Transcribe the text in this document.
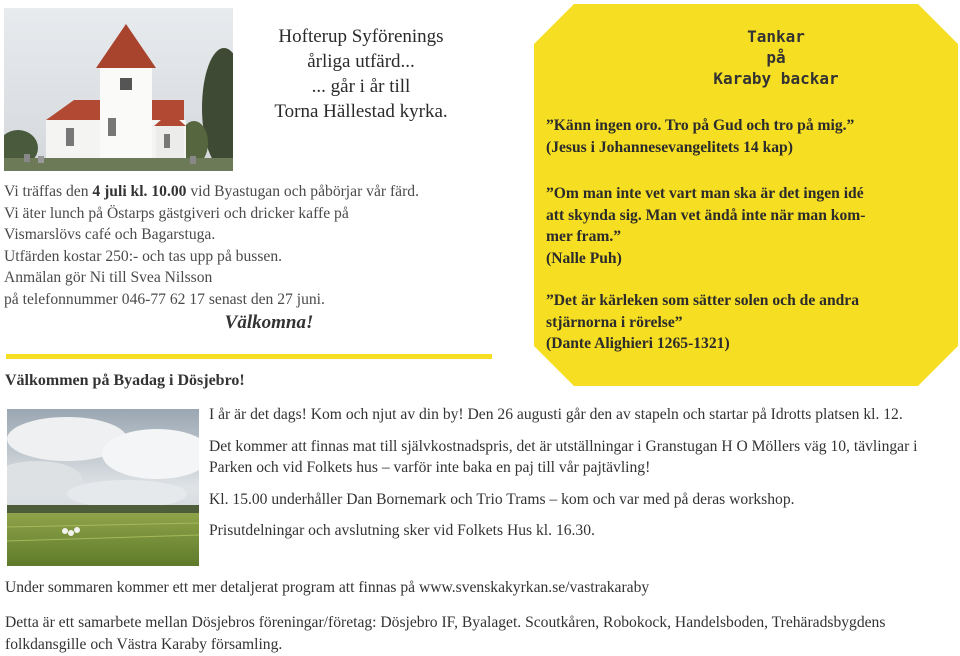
Hofterup Syförenings
årliga utfärd...
... går i år till
Torna Hällestad kyrka.
Vi träffas den 4 juli kl. 10.00 vid Byastugan och påbörjar vår färd.
Vi äter lunch på Östarps gästgiveri och dricker kaffe på
Vismarslövs café och Bagarstuga.
Utfärden kostar 250:- och tas upp på bussen.
Anmälan gör Ni till Svea Nilsson
på telefonnummer 046-77 62 17 senast den 27 juni.
Välkomna!
Välkommen på Byadag i Dösjebro!

I år är det dags! Kom och njut av din by! Den 26 augusti går den av stapeln och startar på Idrotts platsen kl. 12.

Det kommer att finnas mat till självkostnadspris, det är utställningar i Granstugan H O Möllers väg 10, tävlingar i Parken och vid Folkets hus – varför inte baka en paj till vår pajtävling!

Kl. 15.00 underhåller Dan Bornemark och Trio Trams – kom och var med på deras workshop.

Prisutdelningar och avslutning sker vid Folkets Hus kl. 16.30.

Under sommaren kommer ett mer detaljerat program att finnas på www.svenskakyrkan.se/vastrakaraby
Detta är ett samarbete mellan Dösjebros föreningar/företag: Dösjebro IF, Byalaget. Scoutkåren, Robokock, Handelsboden, Trehäradsbygdens folkdansgille och Västra Karaby församling.
Tankar
på
Karaby backar
”Känn ingen oro. Tro på Gud och tro på mig.”
(Jesus i Johannesevangelitets 14 kap)
”Om man inte vet vart man ska är det ingen idé
att skynda sig. Man vet ändå inte när man kom-
mer fram.”
(Nalle Puh)
”Det är kärleken som sätter solen och de andra
stjärnorna i rörelse”
(Dante Alighieri 1265-1321)
